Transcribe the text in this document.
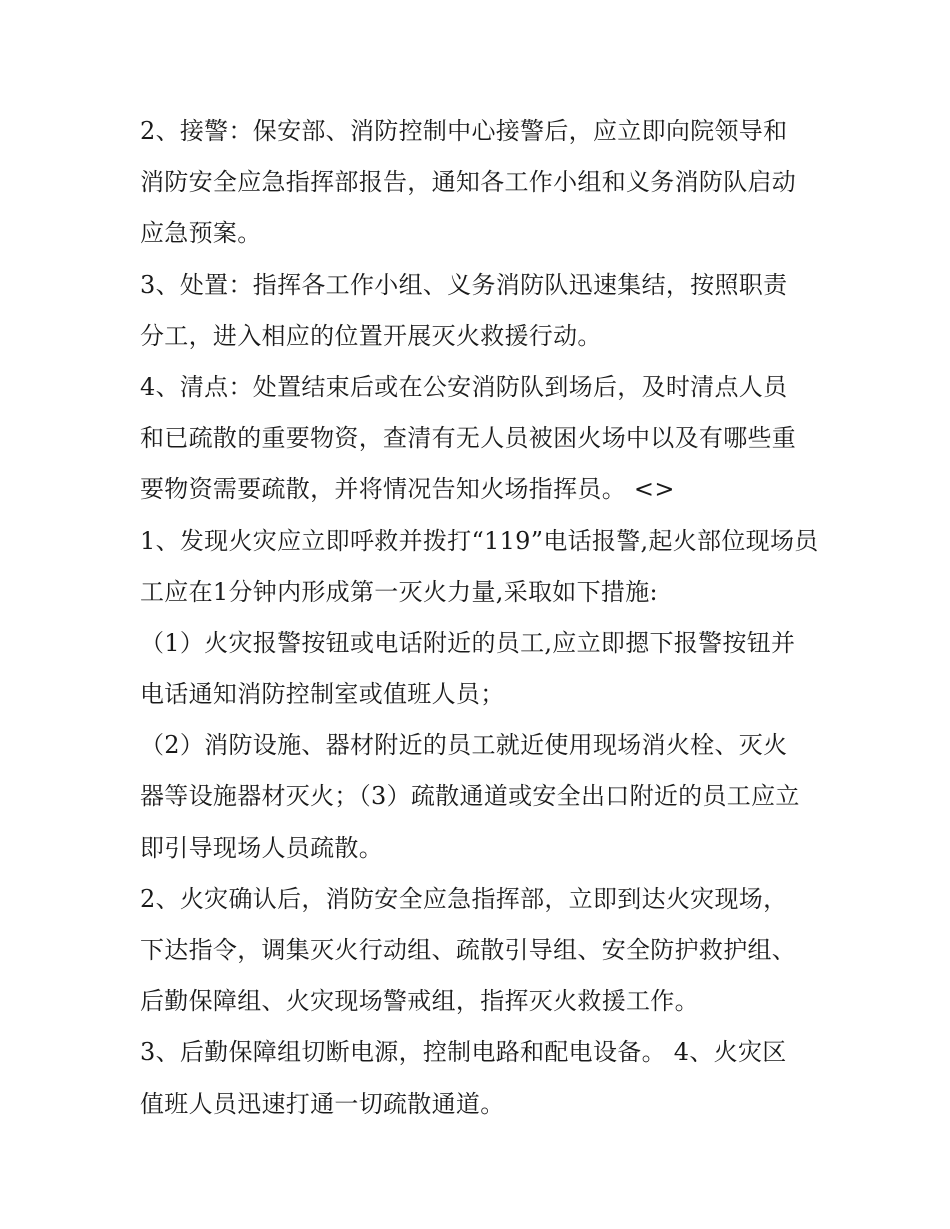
2、接警：保安部、消防控制中心接警后，应立即向院领导和
消防安全应急指挥部报告，通知各工作小组和义务消防队启动
应急预案。
3、处置：指挥各工作小组、义务消防队迅速集结，按照职责
分工，进入相应的位置开展灭火救援行动。
4、清点：处置结束后或在公安消防队到场后，及时清点人员
和已疏散的重要物资，查清有无人员被困火场中以及有哪些重
要物资需要疏散，并将情况告知火场指挥员。 <>
1、发现火灾应立即呼救并拨打“119”电话报警,起火部位现场员
工应在1分钟内形成第一灭火力量,采取如下措施:
（1）火灾报警按钮或电话附近的员工,应立即摁下报警按钮并
电话通知消防控制室或值班人员；
（2）消防设施、器材附近的员工就近使用现场消火栓、灭火
器等设施器材灭火；（3）疏散通道或安全出口附近的员工应立
即引导现场人员疏散。
2、火灾确认后，消防安全应急指挥部，立即到达火灾现场，
下达指令，调集灭火行动组、疏散引导组、安全防护救护组、
后勤保障组、火灾现场警戒组，指挥灭火救援工作。
3、后勤保障组切断电源，控制电路和配电设备。 4、火灾区
值班人员迅速打通一切疏散通道。
